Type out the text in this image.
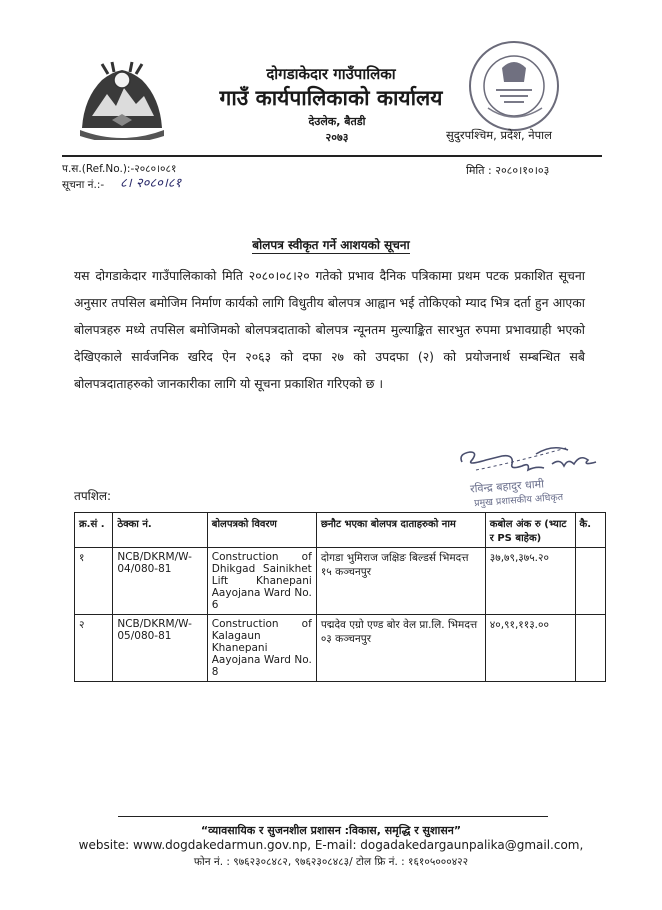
दोगडाकेदार गाउँपालिका
गाउँ कार्यपालिकाको कार्यालय
देउलेक, बैतडी
२०७३	सुदुरपश्चिम, प्रदेश, नेपाल
प.स.(Ref.No.):-२०८०।०८१
सूचना नं.:- ८। २०८०।८१
मिति : २०८०।१०।०३
बोलपत्र स्वीकृत गर्ने आशयको सूचना
यस दोगडाकेदार गाउँपालिकाको मिति २०८०।०८।२० गतेको प्रभाव दैनिक पत्रिकामा प्रथम पटक प्रकाशित सूचना अनुसार तपसिल बमोजिम निर्माण कार्यको लागि विधुतीय बोलपत्र आह्वान भई तोकिएको म्याद भित्र दर्ता हुन आएका बोलपत्रहरु मध्ये तपसिल बमोजिमको बोलपत्रदाताको बोलपत्र न्यूनतम मुल्याङ्कित सारभुत रुपमा प्रभावग्राही भएको देखिएकाले सार्वजनिक खरिद ऐन २०६३ को दफा २७ को उपदफा (२) को प्रयोजनार्थ सम्बन्धित सबै बोलपत्रदाताहरुको जानकारीका लागि यो सूचना प्रकाशित गरिएको छ ।
रविन्द्र बहादुर धामी
प्रमुख प्रशासकीय अधिकृत
तपशिल:
क्र.सं .	ठेक्का नं.	बोलपत्रको विवरण	छनौट भएका बोलपत्र दाताहरुको नाम	कबोल अंक रु (भ्याट र PS बाहेक)	कै.
१	NCB/DKRM/W-04/080-81	Construction of Dhikgad Sainikhet Lift Khanepani Aayojana Ward No. 6	दोगडा भुमिराज जक्षिङ बिल्डर्स भिमदत्त १५ कञ्चनपुर	३७,७९,३७५.२०	
२	NCB/DKRM/W-05/080-81	Construction of Kalagaun Khanepani Aayojana Ward No. 8	पद्मदेव एग्रो एण्ड बोर वेल प्रा.लि. भिमदत्त ०३ कञ्चनपुर	४०,९१,११३.००	
“व्यावसायिक र सुजनशील प्रशासन :विकास, समृद्धि र सुशासन”
website: www.dogdakedarmun.gov.np, E-mail: dogadakedargaunpalika@gmail.com,
फोन नं. : ९७६२३०८४८२, ९७६२३०८४८३/ टोल फ्रि नं. : १६१०५०००४२२
